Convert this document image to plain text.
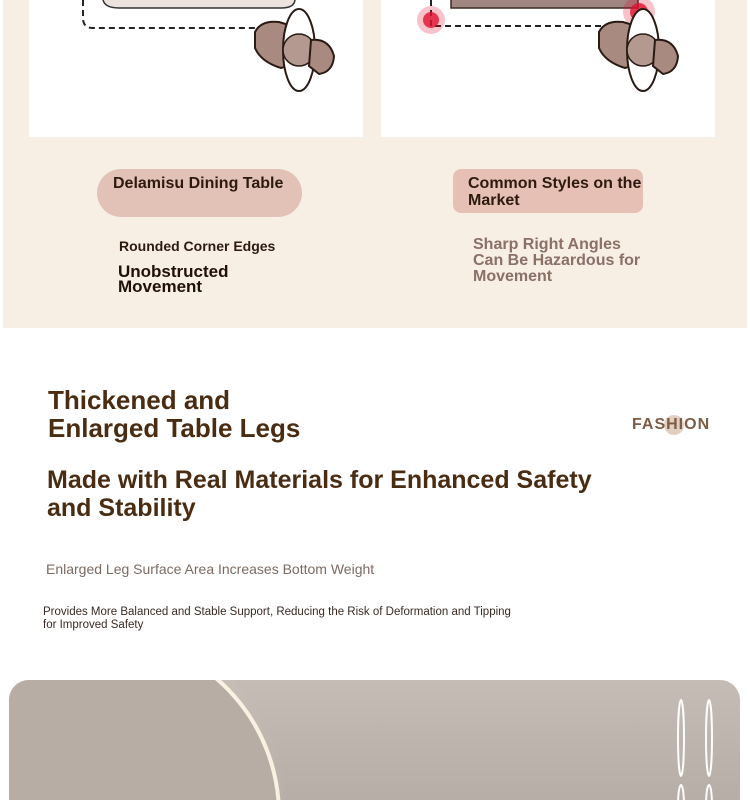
Delamisu Dining Table	Common Styles on the Market
Rounded Corner Edges
Unobstructed Movement
Sharp Right Angles Can Be Hazardous for Movement
Thickened and Enlarged Table Legs	FASHION
Made with Real Materials for Enhanced Safety and Stability
Enlarged Leg Surface Area Increases Bottom Weight
Provides More Balanced and Stable Support, Reducing the Risk of Deformation and Tipping for Improved Safety
